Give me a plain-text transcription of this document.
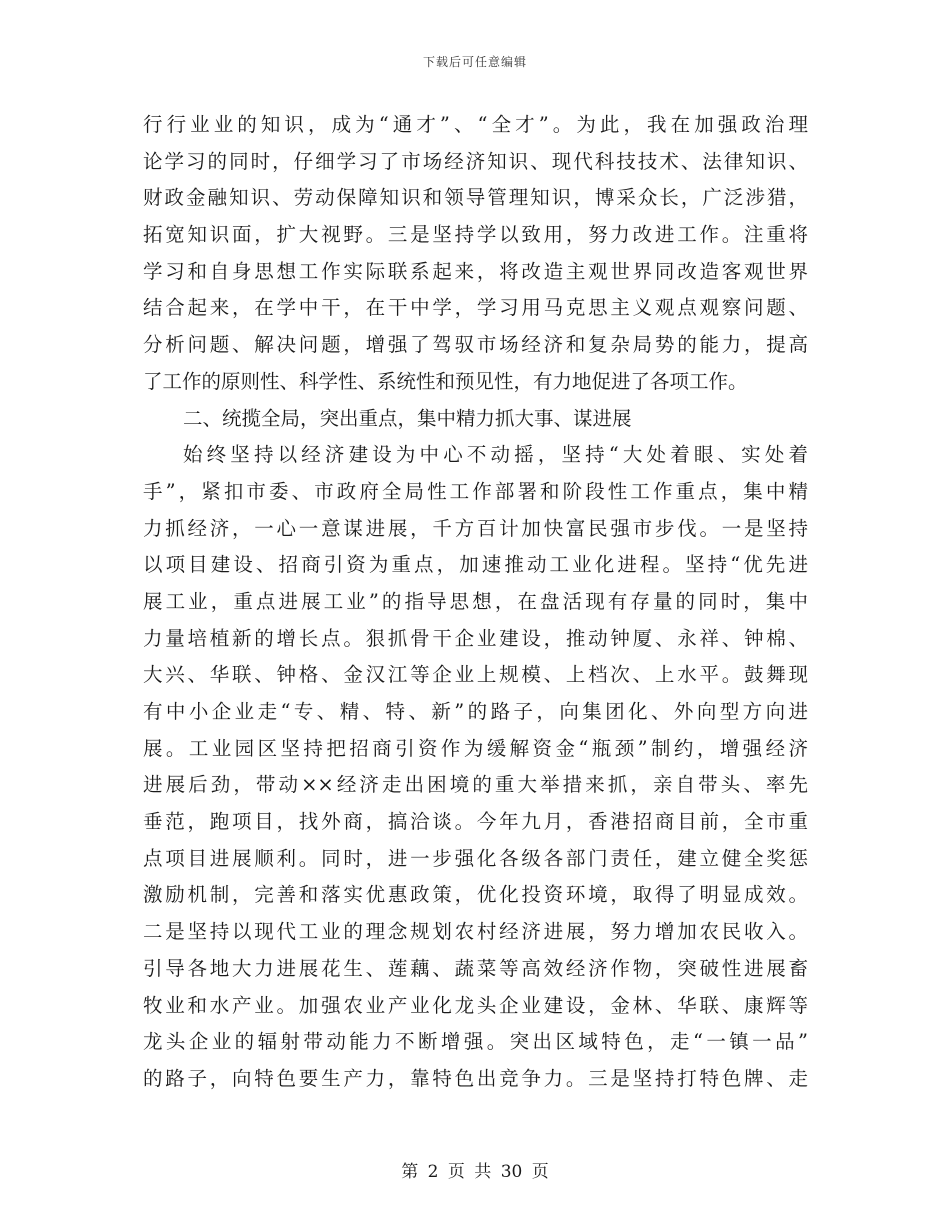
下载后可任意编辑
行行业业的知识，成为“通才”、“全才”。为此，我在加强政治理
论学习的同时，仔细学习了市场经济知识、现代科技技术、法律知识、
财政金融知识、劳动保障知识和领导管理知识，博采众长，广泛涉猎，
拓宽知识面，扩大视野。三是坚持学以致用，努力改进工作。注重将
学习和自身思想工作实际联系起来，将改造主观世界同改造客观世界
结合起来，在学中干，在干中学，学习用马克思主义观点观察问题、
分析问题、解决问题，增强了驾驭市场经济和复杂局势的能力，提高
了工作的原则性、科学性、系统性和预见性，有力地促进了各项工作。
二、统揽全局，突出重点，集中精力抓大事、谋进展
始终坚持以经济建设为中心不动摇，坚持“大处着眼、实处着
手”，紧扣市委、市政府全局性工作部署和阶段性工作重点，集中精
力抓经济，一心一意谋进展，千方百计加快富民强市步伐。一是坚持
以项目建设、招商引资为重点，加速推动工业化进程。坚持“优先进
展工业，重点进展工业”的指导思想，在盘活现有存量的同时，集中
力量培植新的增长点。狠抓骨干企业建设，推动钟厦、永祥、钟棉、
大兴、华联、钟格、金汉江等企业上规模、上档次、上水平。鼓舞现
有中小企业走“专、精、特、新”的路子，向集团化、外向型方向进
展。工业园区坚持把招商引资作为缓解资金“瓶颈”制约，增强经济
进展后劲，带动××经济走出困境的重大举措来抓，亲自带头、率先
垂范，跑项目，找外商，搞洽谈。今年九月，香港招商目前，全市重
点项目进展顺利。同时，进一步强化各级各部门责任，建立健全奖惩
激励机制，完善和落实优惠政策，优化投资环境，取得了明显成效。
二是坚持以现代工业的理念规划农村经济进展，努力增加农民收入。
引导各地大力进展花生、莲藕、蔬菜等高效经济作物，突破性进展畜
牧业和水产业。加强农业产业化龙头企业建设，金林、华联、康辉等
龙头企业的辐射带动能力不断增强。突出区域特色，走“一镇一品”
的路子，向特色要生产力，靠特色出竞争力。三是坚持打特色牌、走
第 2 页 共 30 页
